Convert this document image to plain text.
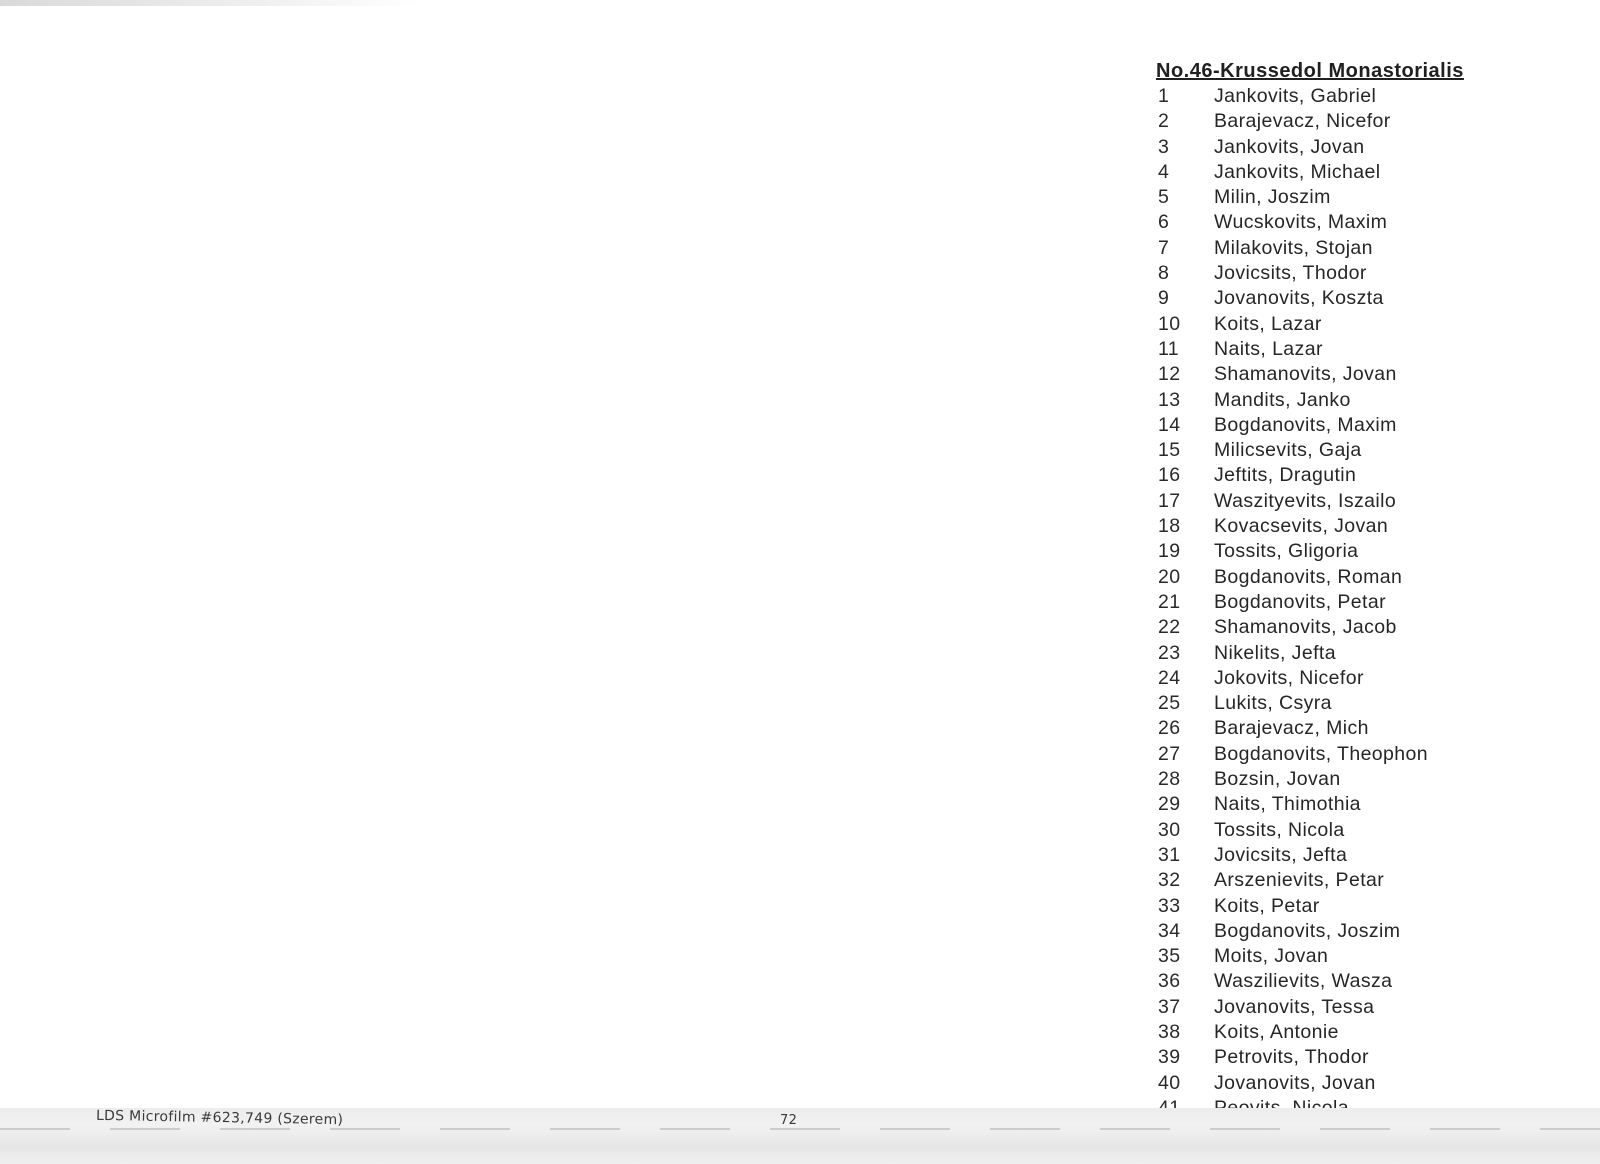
No.46-Krussedol Monastorialis
1	Jankovits, Gabriel
2	Barajevacz, Nicefor
3	Jankovits, Jovan
4	Jankovits, Michael
5	Milin, Joszim
6	Wucskovits, Maxim
7	Milakovits, Stojan
8	Jovicsits, Thodor
9	Jovanovits, Koszta
10	Koits, Lazar
11	Naits, Lazar
12	Shamanovits, Jovan
13	Mandits, Janko
14	Bogdanovits, Maxim
15	Milicsevits, Gaja
16	Jeftits, Dragutin
17	Waszityevits, Iszailo
18	Kovacsevits, Jovan
19	Tossits, Gligoria
20	Bogdanovits, Roman
21	Bogdanovits, Petar
22	Shamanovits, Jacob
23	Nikelits, Jefta
24	Jokovits, Nicefor
25	Lukits, Csyra
26	Barajevacz, Mich
27	Bogdanovits, Theophon
28	Bozsin, Jovan
29	Naits, Thimothia
30	Tossits, Nicola
31	Jovicsits, Jefta
32	Arszenievits, Petar
33	Koits, Petar
34	Bogdanovits, Joszim
35	Moits, Jovan
36	Waszilievits, Wasza
37	Jovanovits, Tessa
38	Koits, Antonie
39	Petrovits, Thodor
40	Jovanovits, Jovan
LDS Microfilm #623,749 (Szerem)	72
